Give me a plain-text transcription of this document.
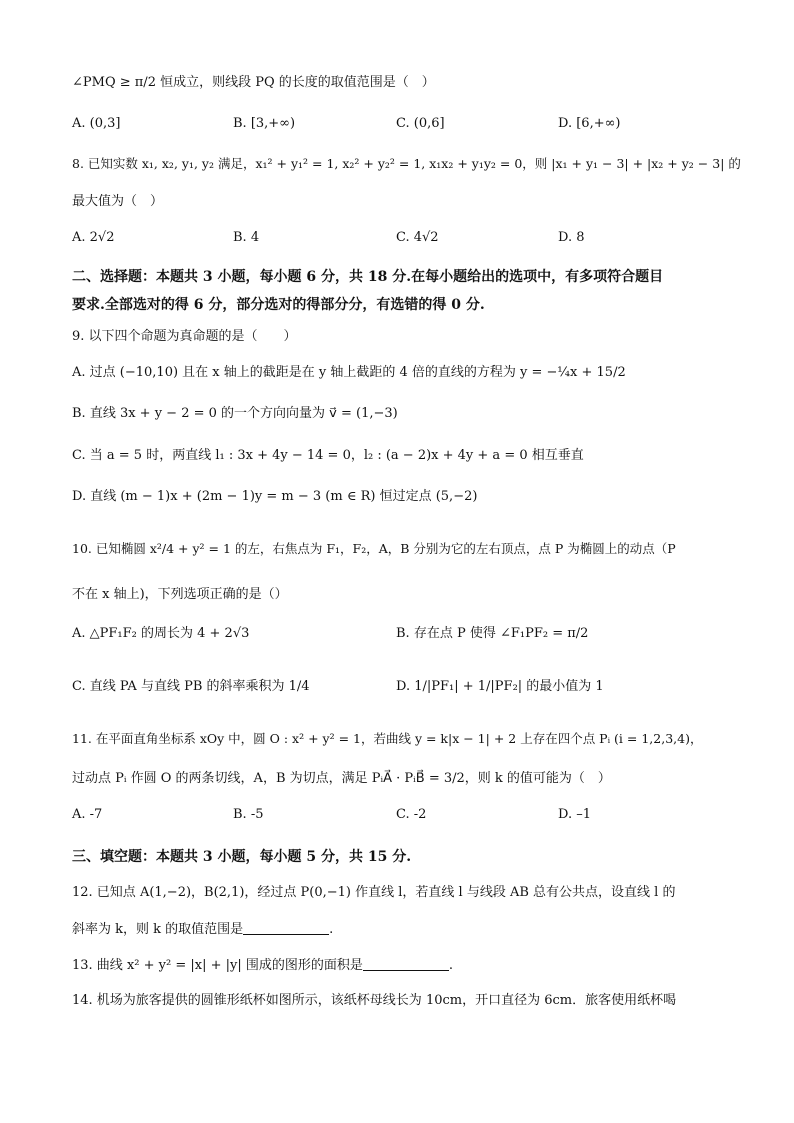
∠PMQ ≥ π/2 恒成立，则线段 PQ 的长度的取值范围是（　）
A. (0,3]	B. [3,+∞)	C. (0,6]	D. [6,+∞)
8. 已知实数 x₁, x₂, y₁, y₂ 满足，x₁² + y₁² = 1, x₂² + y₂² = 1, x₁x₂ + y₁y₂ = 0，则 |x₁ + y₁ − 3| + |x₂ + y₂ − 3| 的
最大值为（　）
A. 2√2	B. 4	C. 4√2	D. 8
二、选择题：本题共 3 小题，每小题 6 分，共 18 分.在每小题给出的选项中，有多项符合题目
要求.全部选对的得 6 分，部分选对的得部分分，有选错的得 0 分.
9. 以下四个命题为真命题的是（　　）
A. 过点 (−10,10) 且在 x 轴上的截距是在 y 轴上截距的 4 倍的直线的方程为 y = −¼x + 15/2
B. 直线 3x + y − 2 = 0 的一个方向向量为 v⃗ = (1,−3)
C. 当 a = 5 时，两直线 l₁ : 3x + 4y − 14 = 0，l₂ : (a − 2)x + 4y + a = 0 相互垂直
D. 直线 (m − 1)x + (2m − 1)y = m − 3 (m ∈ R) 恒过定点 (5,−2)
10. 已知椭圆 x²/4 + y² = 1 的左，右焦点为 F₁，F₂，A，B 分别为它的左右顶点，点 P 为椭圆上的动点（P
不在 x 轴上)，下列选项正确的是（）
A. △PF₁F₂ 的周长为 4 + 2√3	B. 存在点 P 使得 ∠F₁PF₂ = π/2
C. 直线 PA 与直线 PB 的斜率乘积为 1/4	D. 1/|PF₁| + 1/|PF₂| 的最小值为 1
11. 在平面直角坐标系 xOy 中，圆 O : x² + y² = 1，若曲线 y = k|x − 1| + 2 上存在四个点 Pᵢ (i = 1,2,3,4)，
过动点 Pᵢ 作圆 O 的两条切线，A，B 为切点，满足 PᵢA⃗ · PᵢB⃗ = 3/2，则 k 的值可能为（　）
A. -7	B. -5	C. -2	D. –1
三、填空题：本题共 3 小题，每小题 5 分，共 15 分.
12. 已知点 A(1,−2)，B(2,1)，经过点 P(0,−1) 作直线 l，若直线 l 与线段 AB 总有公共点，设直线 l 的
斜率为 k，则 k 的取值范围是	.
13. 曲线 x² + y² = |x| + |y| 围成的图形的面积是	.
14. 机场为旅客提供的圆锥形纸杯如图所示，该纸杯母线长为 10cm，开口直径为 6cm．旅客使用纸杯喝
